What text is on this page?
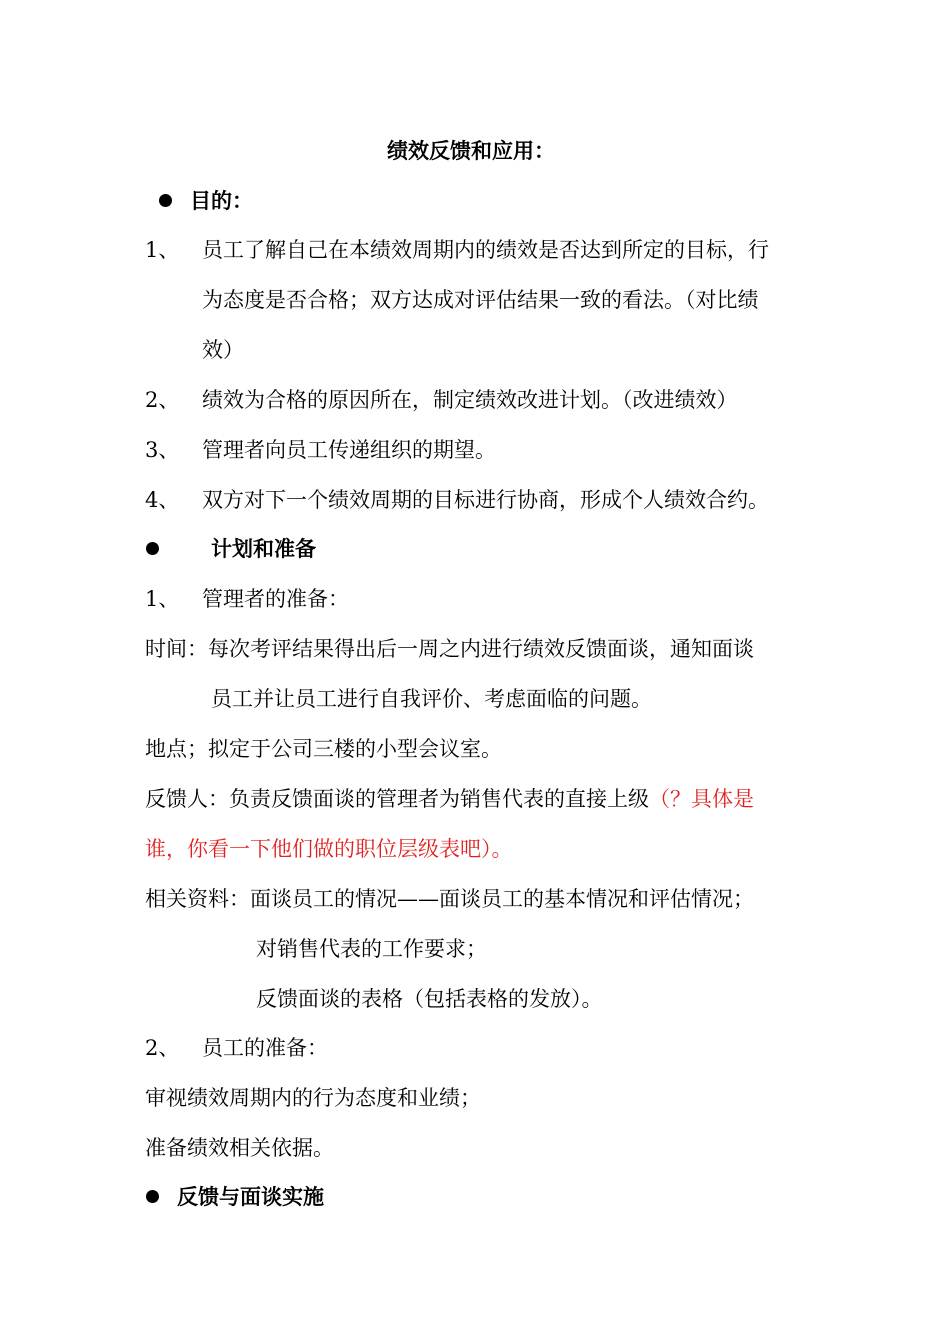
绩效反馈和应用：
目的：
1、 员工了解自己在本绩效周期内的绩效是否达到所定的目标，行
为态度是否合格；双方达成对评估结果一致的看法。（对比绩
效）
2、 绩效为合格的原因所在，制定绩效改进计划。（改进绩效）
3、 管理者向员工传递组织的期望。
4、 双方对下一个绩效周期的目标进行协商，形成个人绩效合约。
计划和准备
1、 管理者的准备：
时间：每次考评结果得出后一周之内进行绩效反馈面谈，通知面谈
员工并让员工进行自我评价、考虑面临的问题。
地点；拟定于公司三楼的小型会议室。
反馈人：负责反馈面谈的管理者为销售代表的直接上级（？具体是
谁，你看一下他们做的职位层级表吧）。
相关资料：面谈员工的情况——面谈员工的基本情况和评估情况；
对销售代表的工作要求；
反馈面谈的表格（包括表格的发放）。
2、 员工的准备：
审视绩效周期内的行为态度和业绩；
准备绩效相关依据。
反馈与面谈实施
